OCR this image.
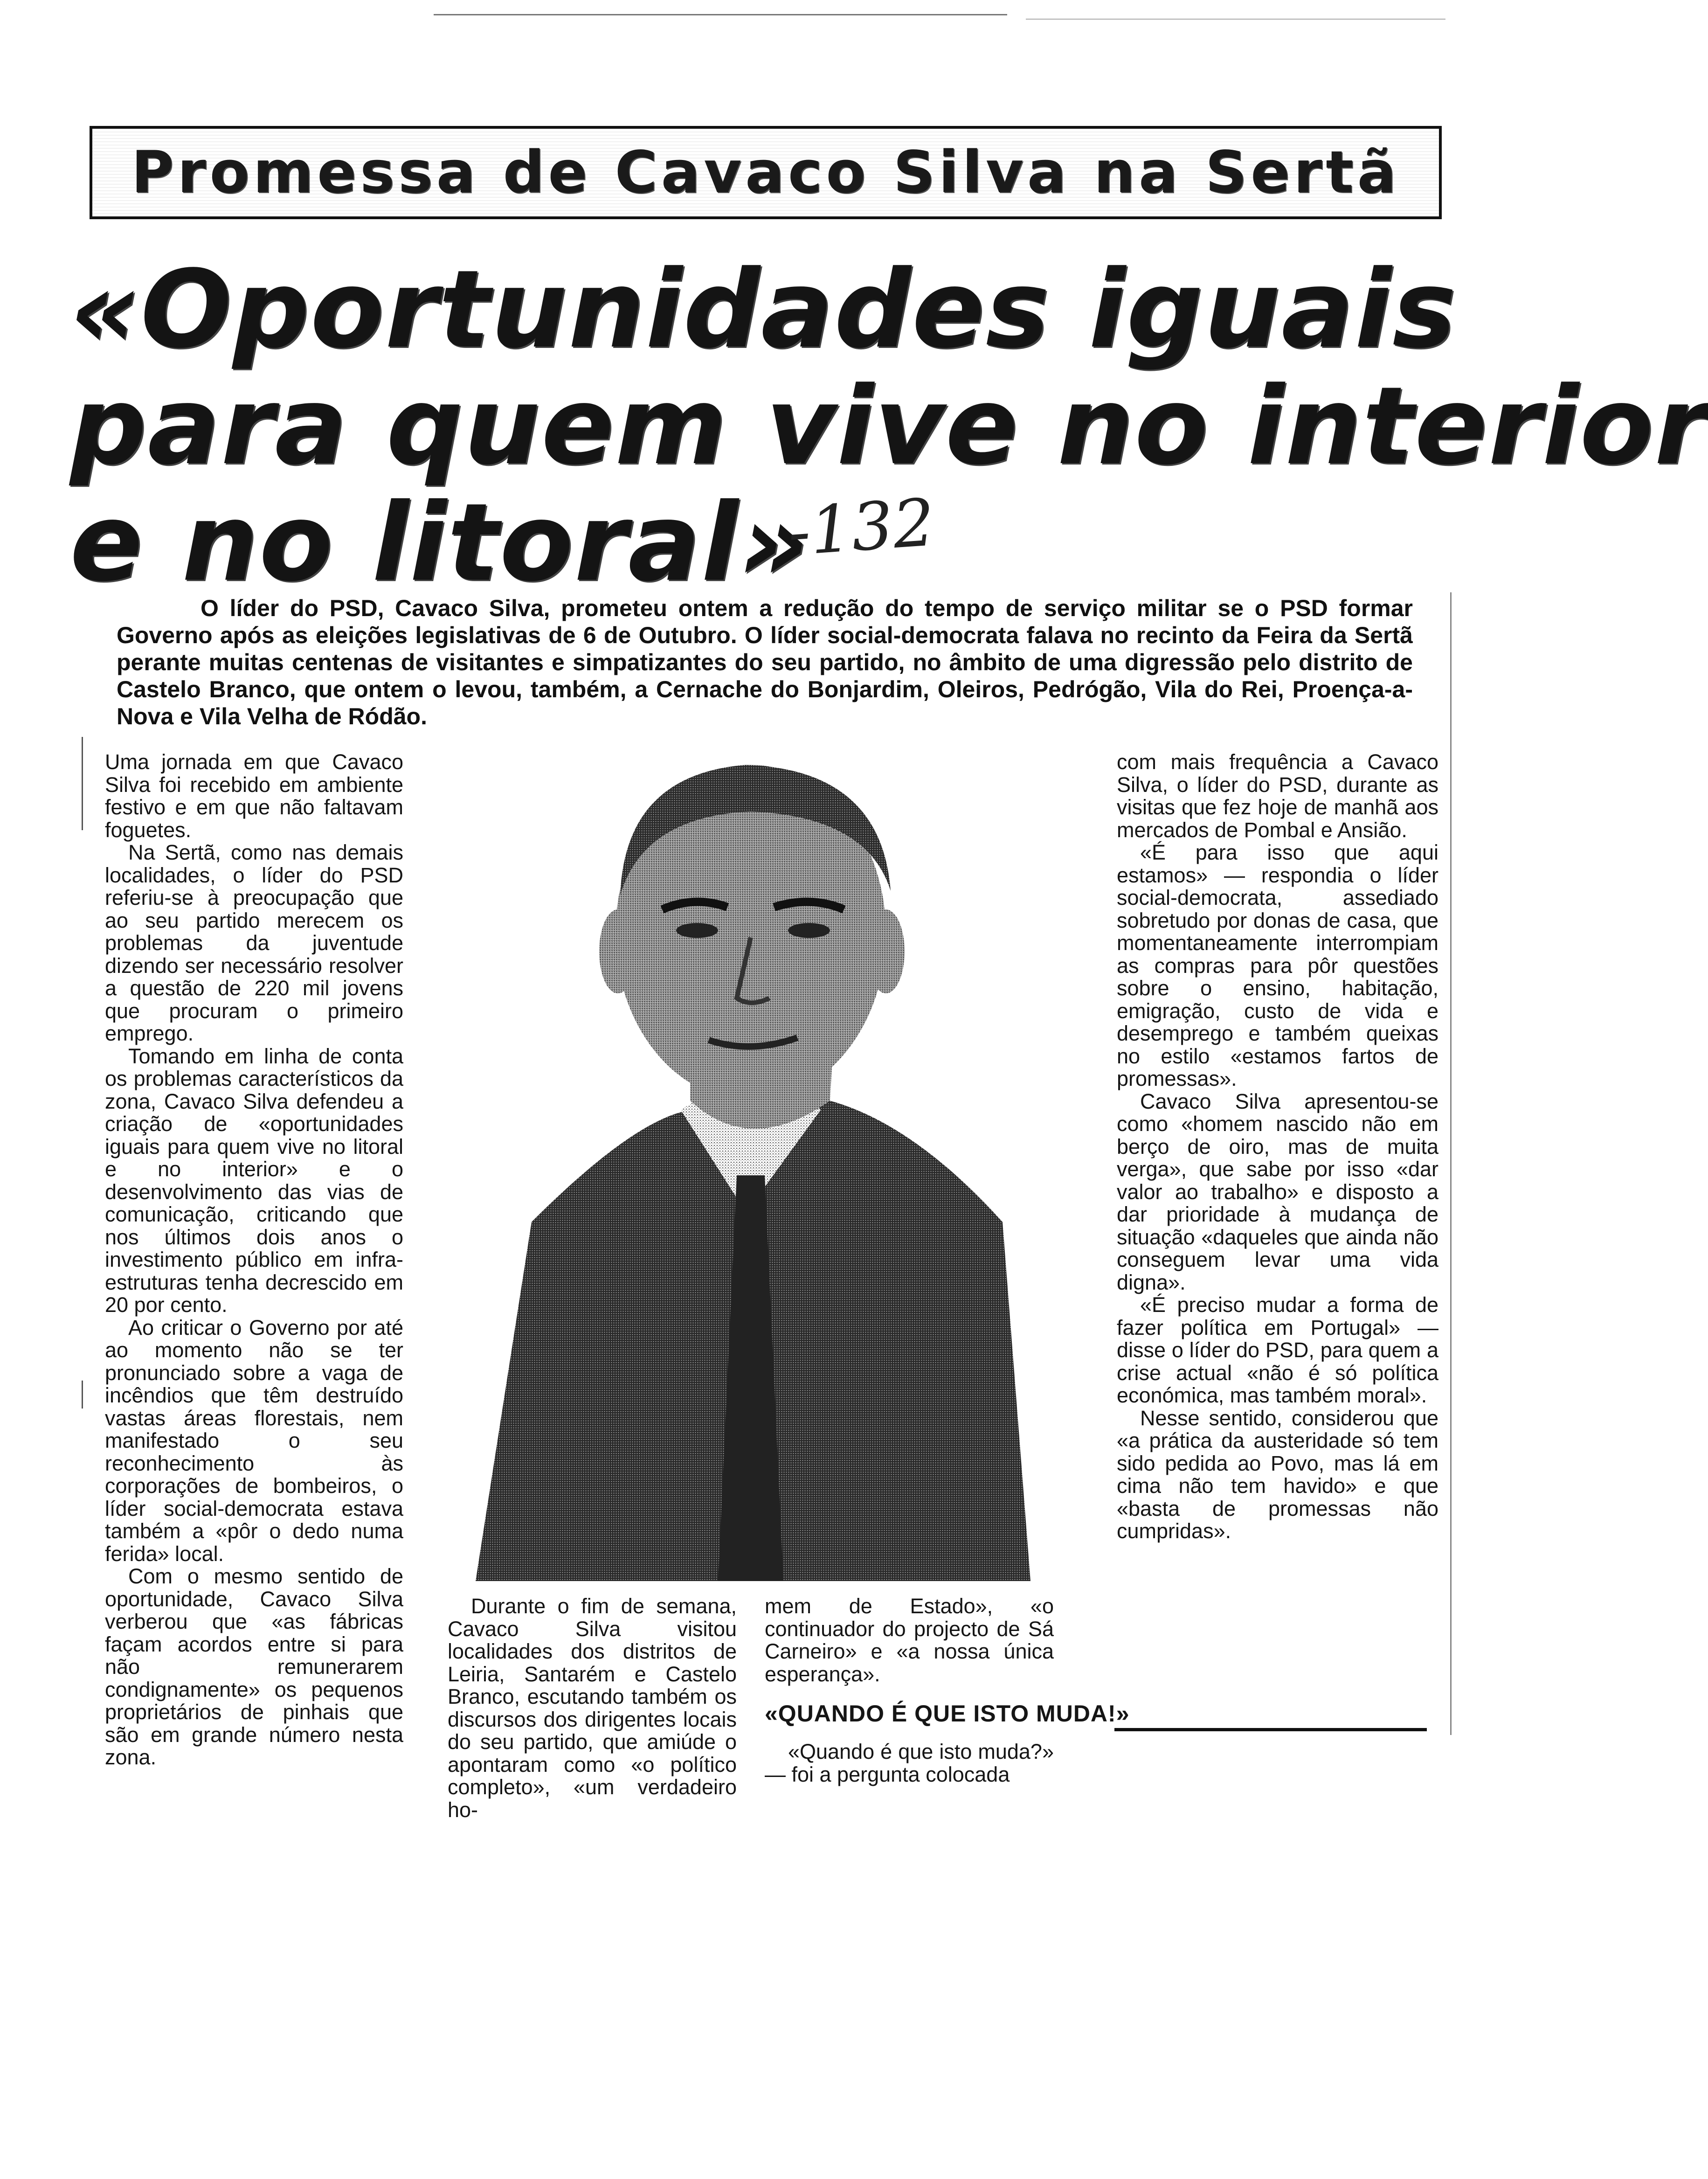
Promessa de Cavaco Silva na Sertã
«Oportunidades iguais
para quem vive no interior
e no litoral»
-132
O líder do PSD, Cavaco Silva, prometeu ontem a redução do tempo de serviço militar se o PSD formar Governo após as eleições legislativas de 6 de Outubro. O líder social-democrata falava no recinto da Feira da Sertã perante muitas centenas de visitantes e simpatizantes do seu partido, no âmbito de uma digressão pelo distrito de Castelo Branco, que ontem o levou, também, a Cernache do Bonjardim, Oleiros, Pedrógão, Vila do Rei, Proença-a-Nova e Vila Velha de Ródão.

Uma jornada em que Cavaco Silva foi recebido em ambiente festivo e em que não faltavam foguetes.

Na Sertã, como nas demais localidades, o líder do PSD referiu-se à preocupação que ao seu partido merecem os problemas da juventude dizendo ser necessário resolver a questão de 220 mil jovens que procuram o primeiro emprego.

Tomando em linha de conta os problemas característicos da zona, Cavaco Silva defendeu a criação de «oportunidades iguais para quem vive no litoral e no interior» e o desenvolvimento das vias de comunicação, criticando que nos últimos dois anos o investimento público em infra-estruturas tenha decrescido em 20 por cento.

Ao criticar o Governo por até ao momento não se ter pronunciado sobre a vaga de incêndios que têm destruído vastas áreas florestais, nem manifestado o seu reconhecimento às corporações de bombeiros, o líder social-democrata estava também a «pôr o dedo numa ferida» local.

Com o mesmo sentido de oportunidade, Cavaco Silva verberou que «as fábricas façam acordos entre si para não remunerarem condignamente» os pequenos proprietários de pinhais que são em grande número nesta zona.

Durante o fim de semana, Cavaco Silva visitou localidades dos distritos de Leiria, Santarém e Castelo Branco, escutando também os discursos dos dirigentes locais do seu partido, que amiúde o apontaram como «o político completo», «um verdadeiro ho-

mem de Estado», «o continuador do projecto de Sá Carneiro» e «a nossa única esperança».

«QUANDO É QUE ISTO MUDA!»

«Quando é que isto muda?» — foi a pergunta colocada

com mais frequência a Cavaco Silva, o líder do PSD, durante as visitas que fez hoje de manhã aos mercados de Pombal e Ansião.

«É para isso que aqui estamos» — respondia o líder social-democrata, assediado sobretudo por donas de casa, que momentaneamente interrompiam as compras para pôr questões sobre o ensino, habitação, emigração, custo de vida e desemprego e também queixas no estilo «estamos fartos de promessas».

Cavaco Silva apresentou-se como «homem nascido não em berço de oiro, mas de muita verga», que sabe por isso «dar valor ao trabalho» e disposto a dar prioridade à mudança de situação «daqueles que ainda não conseguem levar uma vida digna».

«É preciso mudar a forma de fazer política em Portugal» — disse o líder do PSD, para quem a crise actual «não é só política económica, mas também moral».

Nesse sentido, considerou que «a prática da austeridade só tem sido pedida ao Povo, mas lá em cima não tem havido» e que «basta de promessas não cumpridas».
